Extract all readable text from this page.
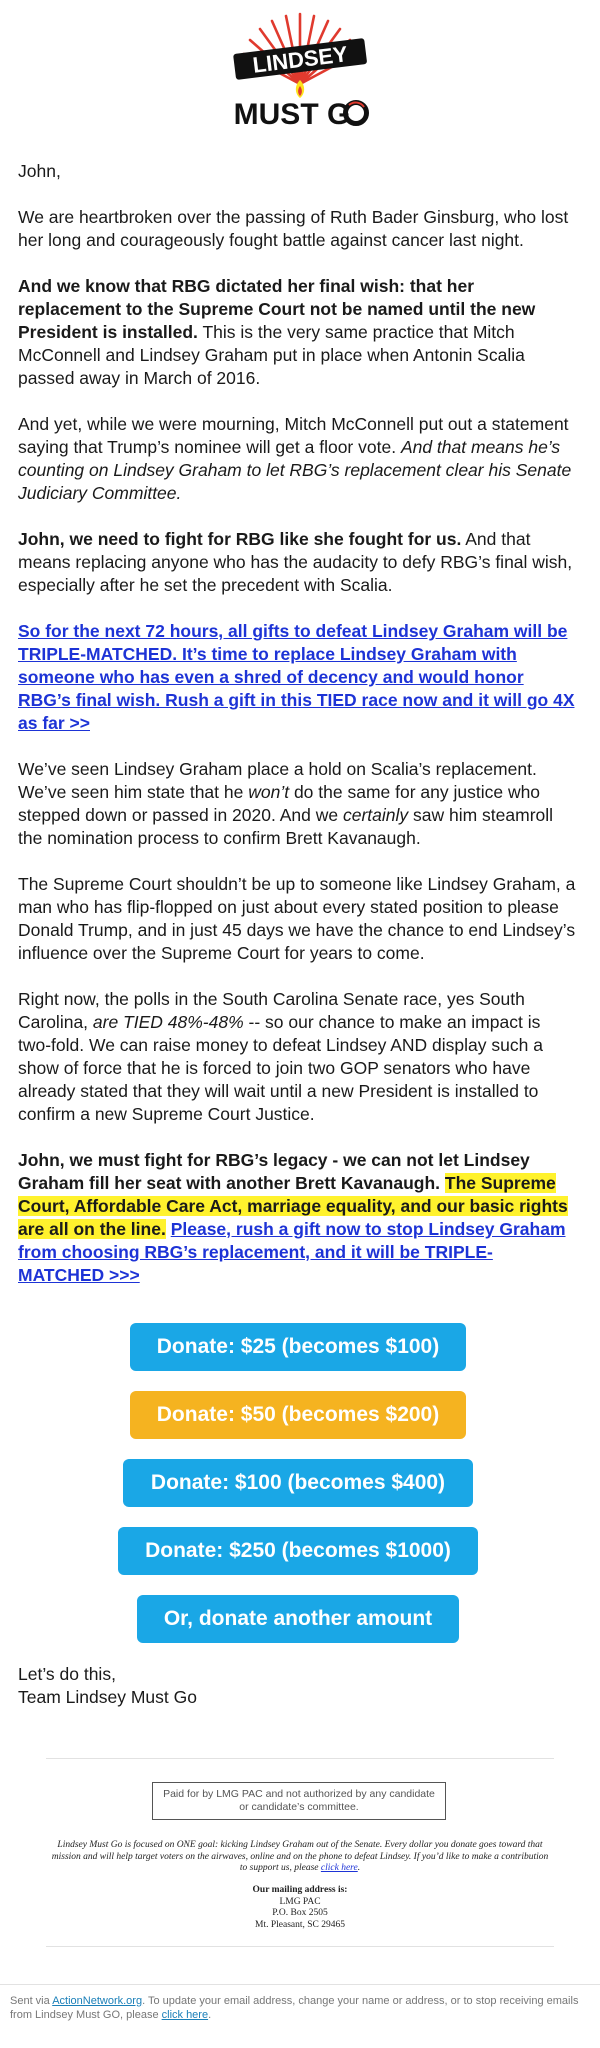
LINDSEY
MUST G
O

John,

We are heartbroken over the passing of Ruth Bader Ginsburg, who lost her long and courageously fought battle against cancer last night.

And we know that RBG dictated her final wish: that her replacement to the Supreme Court not be named until the new President is installed. This is the very same practice that Mitch McConnell and Lindsey Graham put in place when Antonin Scalia passed away in March of 2016.

And yet, while we were mourning, Mitch McConnell put out a statement saying that Trump’s nominee will get a floor vote. And that means he’s counting on Lindsey Graham to let RBG’s replacement clear his Senate Judiciary Committee.

John, we need to fight for RBG like she fought for us. And that means replacing anyone who has the audacity to defy RBG’s final wish, especially after he set the precedent with Scalia.

So for the next 72 hours, all gifts to defeat Lindsey Graham will be TRIPLE-MATCHED. It’s time to replace Lindsey Graham with someone who has even a shred of decency and would honor RBG’s final wish. Rush a gift in this TIED race now and it will go 4X as far >>

We’ve seen Lindsey Graham place a hold on Scalia’s replacement. We’ve seen him state that he won’t do the same for any justice who stepped down or passed in 2020. And we certainly saw him steamroll the nomination process to confirm Brett Kavanaugh.

The Supreme Court shouldn’t be up to someone like Lindsey Graham, a man who has flip-flopped on just about every stated position to please Donald Trump, and in just 45 days we have the chance to end Lindsey’s influence over the Supreme Court for years to come.

Right now, the polls in the South Carolina Senate race, yes South Carolina, are TIED 48%-48% -- so our chance to make an impact is two-fold. We can raise money to defeat Lindsey AND display such a show of force that he is forced to join two GOP senators who have already stated that they will wait until a new President is installed to confirm a new Supreme Court Justice.

John, we must fight for RBG’s legacy - we can not let Lindsey Graham fill her seat with another Brett Kavanaugh. The Supreme Court, Affordable Care Act, marriage equality, and our basic rights are all on the line. Please, rush a gift now to stop Lindsey Graham from choosing RBG’s replacement, and it will be TRIPLE-MATCHED >>>

Donate: $25 (becomes $100)
Donate: $50 (becomes $200)
Donate: $100 (becomes $400)
Donate: $250 (becomes $1000)
Or, donate another amount
Let’s do this,
Team Lindsey Must Go
Paid for by LMG PAC and not authorized by any candidate or candidate’s committee.
Lindsey Must Go is focused on ONE goal: kicking Lindsey Graham out of the Senate. Every dollar you donate goes toward that mission and will help target voters on the airwaves, online and on the phone to defeat Lindsey. If you’d like to make a contribution to support us, please click here.
Our mailing address is:
LMG PAC
P.O. Box 2505
Mt. Pleasant, SC 29465

Sent via ActionNetwork.org. To update your email address, change your name or address, or to stop receiving emails from Lindsey Must GO, please click here.
